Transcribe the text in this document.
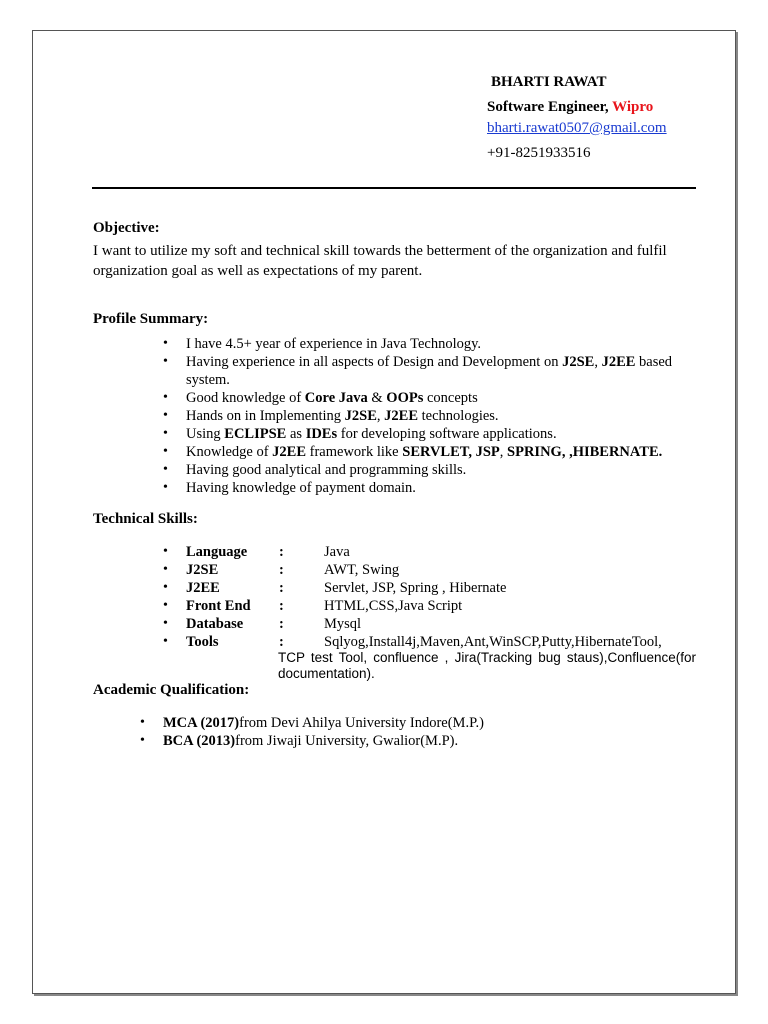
BHARTI RAWAT
Software Engineer, Wipro
bharti.rawat0507@gmail.com
+91-8251933516
Objective:
I want to utilize my soft and technical skill towards the betterment of the organization and fulfil organization goal as well as expectations of my parent.
Profile Summary:
• I have 4.5+ year of experience in Java Technology.
• Having experience in all aspects of Design and Development on J2SE, J2EE based system.
• Good knowledge of Core Java & OOPs concepts
• Hands on in Implementing J2SE, J2EE technologies.
• Using ECLIPSE as IDEs for developing software applications.
• Knowledge of J2EE framework like SERVLET, JSP, SPRING, ,HIBERNATE.
• Having good analytical and programming skills.
• Having knowledge of payment domain.
Technical Skills:
• Language	:	Java
• J2SE	:	AWT, Swing
• J2EE	:	Servlet, JSP, Spring , Hibernate
• Front End	:	HTML,CSS,Java Script
• Database	:	Mysql
• Tools	:	Sqlyog,Install4j,Maven,Ant,WinSCP,Putty,HibernateTool,
TCP test Tool, confluence , Jira(Tracking bug staus),Confluence(for documentation).
Academic Qualification:
• MCA (2017)from Devi Ahilya University Indore(M.P.)
• BCA (2013)from Jiwaji University, Gwalior(M.P).
